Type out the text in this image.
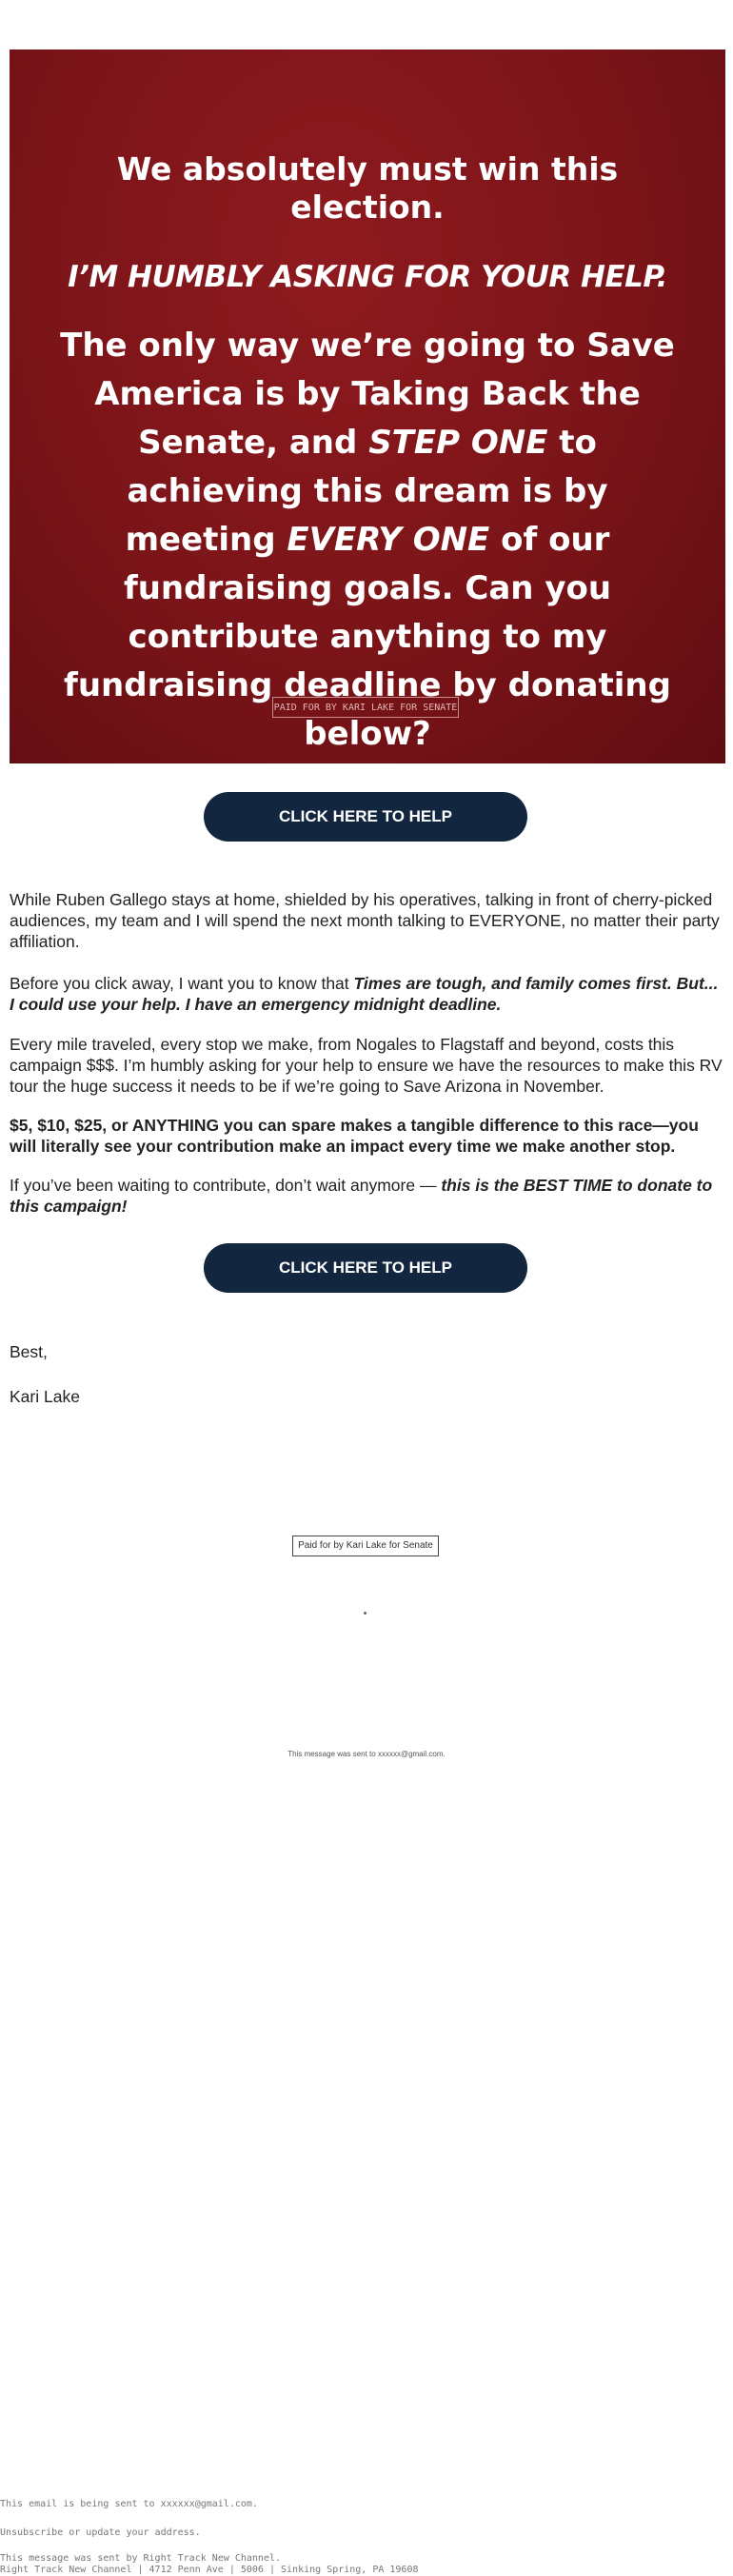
We absolutely must win this election.

I’M HUMBLY ASKING FOR YOUR HELP.

The only way we’re going to Save America is by Taking Back the Senate, and STEP ONE to achieving this dream is by meeting EVERY ONE of our fundraising goals. Can you contribute anything to my fundraising deadline by donating below?

PAID FOR BY KARI LAKE FOR SENATE
CLICK HERE TO HELP

While Ruben Gallego stays at home, shielded by his operatives, talking in front of cherry-picked audiences, my team and I will spend the next month talking to EVERYONE, no matter their party affiliation.

Before you click away, I want you to know that Times are tough, and family comes first. But... I could use your help. I have an emergency midnight deadline.

Every mile traveled, every stop we make, from Nogales to Flagstaff and beyond, costs this campaign $$$. I’m humbly asking for your help to ensure we have the resources to make this RV tour the huge success it needs to be if we’re going to Save Arizona in November.

$5, $10, $25, or ANYTHING you can spare makes a tangible difference to this race—you will literally see your contribution make an impact every time we make another stop.

If you’ve been waiting to contribute, don’t wait anymore — this is the BEST TIME to donate to this campaign!

CLICK HERE TO HELP
Best,
Kari Lake
Paid for by Kari Lake for Senate
This message was sent to xxxxxx@gmail.com.
This email is being sent to xxxxxx@gmail.com.
Unsubscribe or update your address.
This message was sent by Right Track New Channel.
Right Track New Channel | 4712 Penn Ave | 5006 | Sinking Spring, PA 19608
